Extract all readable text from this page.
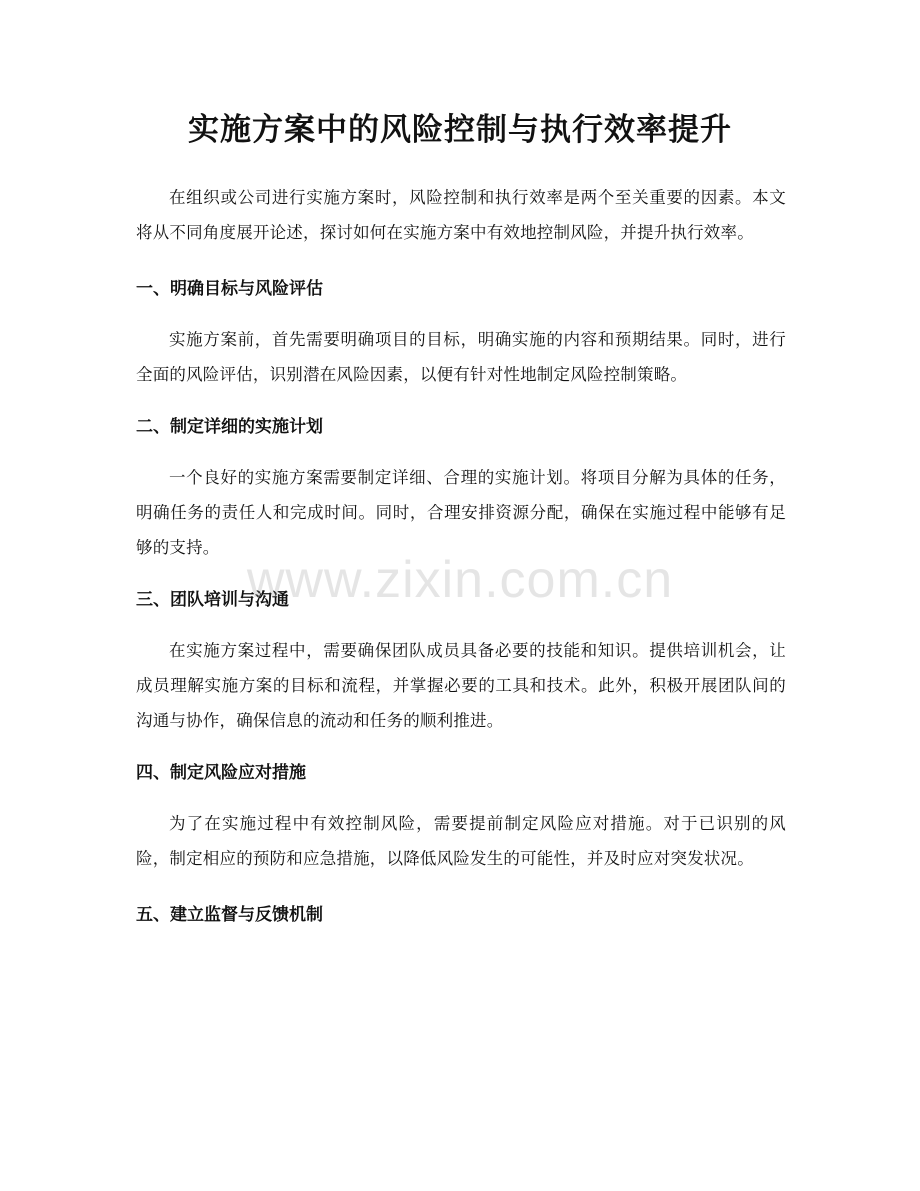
实施方案中的风险控制与执行效率提升

在组织或公司进行实施方案时，风险控制和执行效率是两个至关重要的因素。本文将从不同角度展开论述，探讨如何在实施方案中有效地控制风险，并提升执行效率。

一、明确目标与风险评估

实施方案前，首先需要明确项目的目标，明确实施的内容和预期结果。同时，进行全面的风险评估，识别潜在风险因素，以便有针对性地制定风险控制策略。

二、制定详细的实施计划

一个良好的实施方案需要制定详细、合理的实施计划。将项目分解为具体的任务，明确任务的责任人和完成时间。同时，合理安排资源分配，确保在实施过程中能够有足够的支持。

三、团队培训与沟通

在实施方案过程中，需要确保团队成员具备必要的技能和知识。提供培训机会，让成员理解实施方案的目标和流程，并掌握必要的工具和技术。此外，积极开展团队间的沟通与协作，确保信息的流动和任务的顺利推进。

四、制定风险应对措施

为了在实施过程中有效控制风险，需要提前制定风险应对措施。对于已识别的风险，制定相应的预防和应急措施，以降低风险发生的可能性，并及时应对突发状况。

五、建立监督与反馈机制
www.zixin.com.cn
